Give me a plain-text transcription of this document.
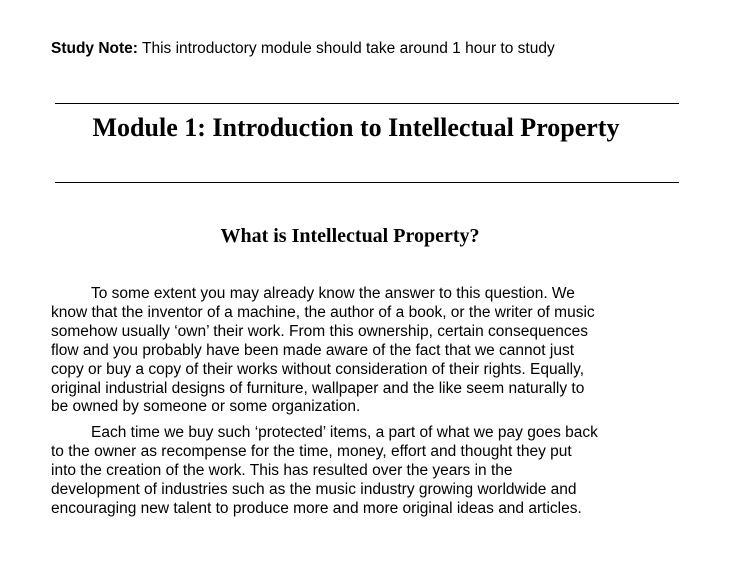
Study Note: This introductory module should take around 1 hour to study
Module 1: Introduction to Intellectual Property
What is Intellectual Property?
To some extent you may already know the answer to this question. We
know that the inventor of a machine, the author of a book, or the writer of music
somehow usually ‘own’ their work. From this ownership, certain consequences
flow and you probably have been made aware of the fact that we cannot just
copy or buy a copy of their works without consideration of their rights. Equally,
original industrial designs of furniture, wallpaper and the like seem naturally to
be owned by someone or some organization.
Each time we buy such ‘protected’ items, a part of what we pay goes back
to the owner as recompense for the time, money, effort and thought they put
into the creation of the work. This has resulted over the years in the
development of industries such as the music industry growing worldwide and
encouraging new talent to produce more and more original ideas and articles.
